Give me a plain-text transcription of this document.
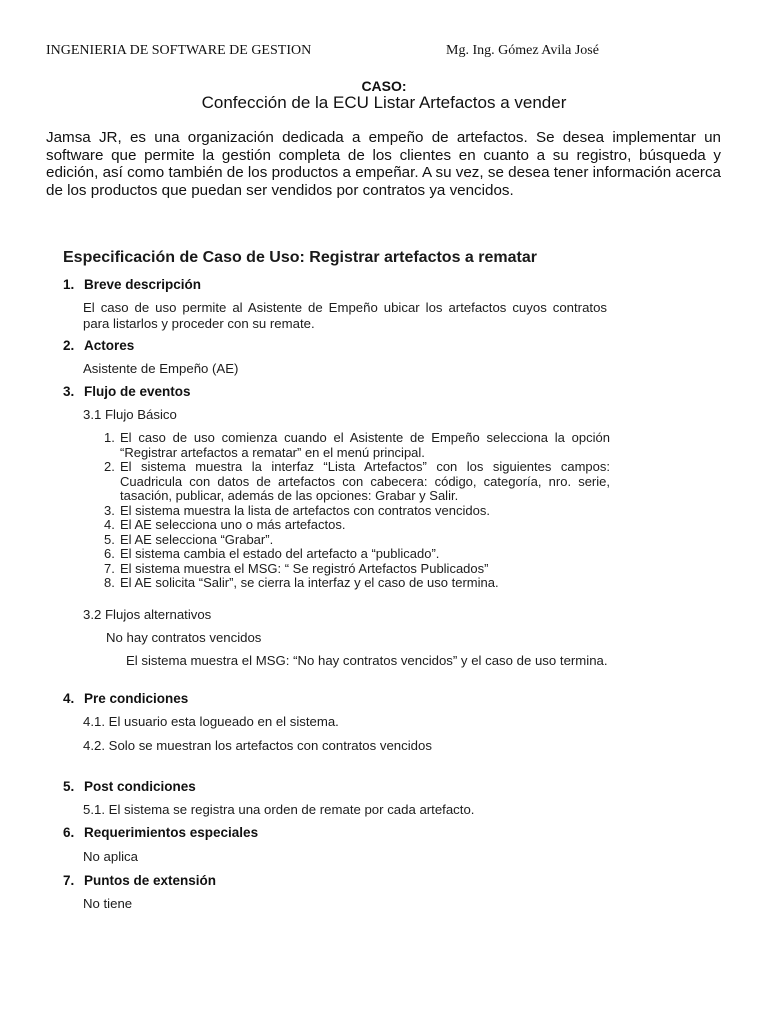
INGENIERIA DE SOFTWARE DE GESTION	Mg. Ing. Gómez Avila José
CASO:
Confección de la ECU Listar Artefactos a vender
Jamsa JR, es una organización dedicada a empeño de artefactos. Se desea implementar un software que permite la gestión completa de los clientes en cuanto a su registro, búsqueda y edición, así como también de los productos a empeñar. A su vez, se desea tener información acerca de los productos que puedan ser vendidos por contratos ya vencidos.
Especificación de Caso de Uso: Registrar artefactos a rematar
1. Breve descripción
El caso de uso permite al Asistente de Empeño ubicar los artefactos cuyos contratos para listarlos y proceder con su remate.
2. Actores
Asistente de Empeño (AE)
3. Flujo de eventos
3.1 Flujo Básico
1. El caso de uso comienza cuando el Asistente de Empeño selecciona la opción “Registrar artefactos a rematar” en el menú principal.
2. El sistema muestra la interfaz “Lista Artefactos” con los siguientes campos: Cuadricula con datos de artefactos con cabecera: código, categoría, nro. serie, tasación, publicar, además de las opciones: Grabar y Salir.
3. El sistema muestra la lista de artefactos con contratos vencidos.
4. El AE selecciona uno o más artefactos.
5. El AE selecciona “Grabar”.
6. El sistema cambia el estado del artefacto a “publicado”.
7. El sistema muestra el MSG: “ Se registró Artefactos Publicados”
8. El AE solicita “Salir”, se cierra la interfaz y el caso de uso termina.
3.2 Flujos alternativos
No hay contratos vencidos
El sistema muestra el MSG: “No hay contratos vencidos” y el caso de uso termina.
4. Pre condiciones
4.1. El usuario esta logueado en el sistema.
4.2. Solo se muestran los artefactos con contratos vencidos
5. Post condiciones
5.1. El sistema se registra una orden de remate por cada artefacto.
6. Requerimientos especiales
No aplica
7. Puntos de extensión
No tiene
